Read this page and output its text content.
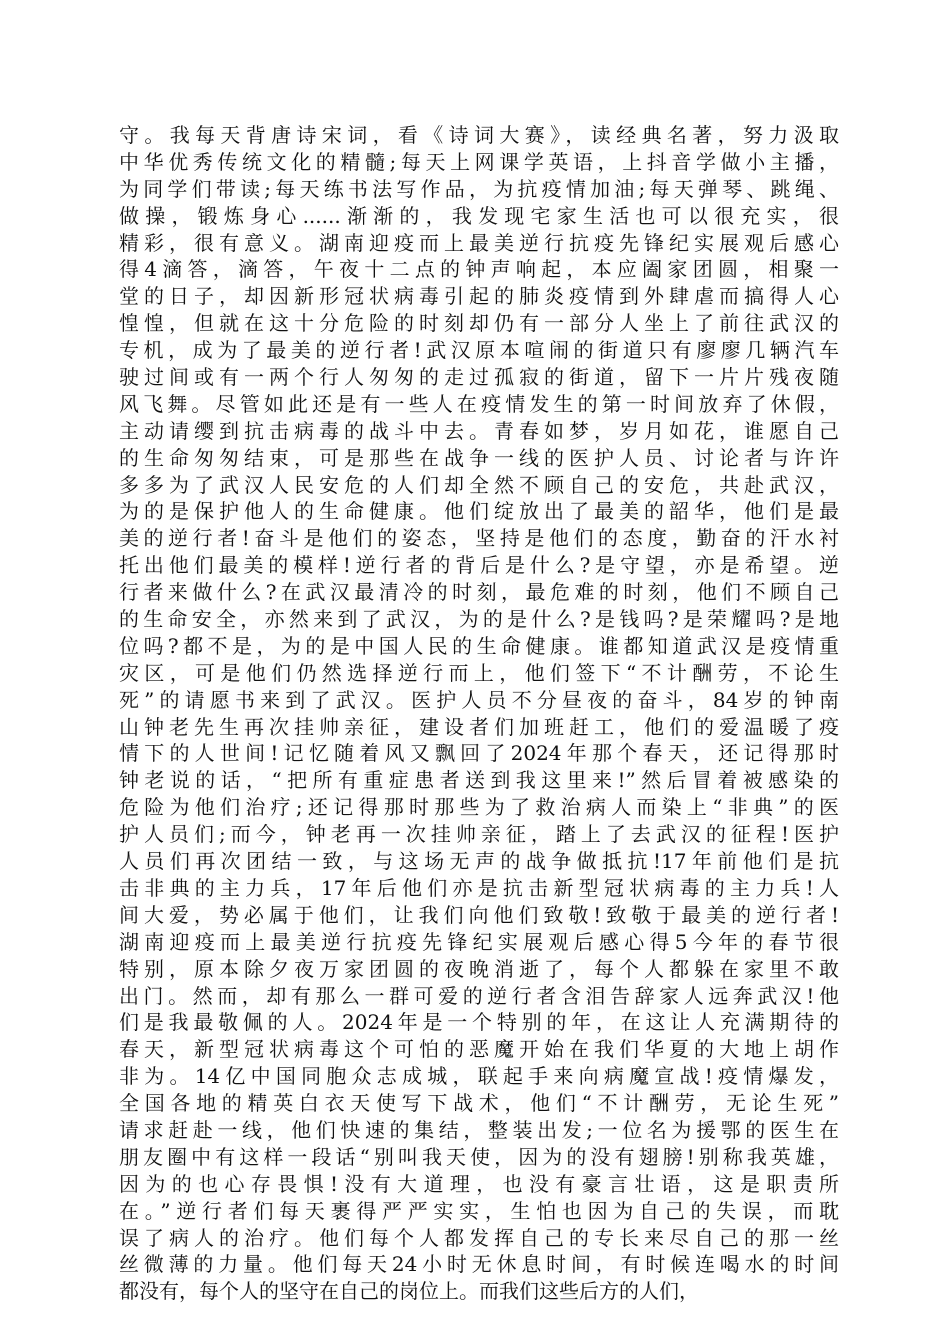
守。我每天背唐诗宋词，看《诗词大赛》，读经典名著，努力汲取
中华优秀传统文化的精髓;每天上网课学英语，上抖音学做小主播，
为同学们带读;每天练书法写作品，为抗疫情加油;每天弹琴、跳绳、
做操，锻炼身心......渐渐的，我发现宅家生活也可以很充实，很
精彩，很有意义。湖南迎疫而上最美逆行抗疫先锋纪实展观后感心
得4滴答，滴答，午夜十二点的钟声响起，本应阖家团圆，相聚一
堂的日子，却因新形冠状病毒引起的肺炎疫情到外肆虐而搞得人心
惶惶，但就在这十分危险的时刻却仍有一部分人坐上了前往武汉的
专机，成为了最美的逆行者!武汉原本喧闹的街道只有廖廖几辆汽车
驶过间或有一两个行人匆匆的走过孤寂的街道，留下一片片残夜随
风飞舞。尽管如此还是有一些人在疫情发生的第一时间放弃了休假，
主动请缨到抗击病毒的战斗中去。青春如梦，岁月如花，谁愿自己
的生命匆匆结束，可是那些在战争一线的医护人员、讨论者与许许
多多为了武汉人民安危的人们却全然不顾自己的安危，共赴武汉，
为的是保护他人的生命健康。他们绽放出了最美的韶华，他们是最
美的逆行者!奋斗是他们的姿态，坚持是他们的态度，勤奋的汗水衬
托出他们最美的模样!逆行者的背后是什么?是守望，亦是希望。逆
行者来做什么?在武汉最清冷的时刻，最危难的时刻，他们不顾自己
的生命安全，亦然来到了武汉，为的是什么?是钱吗?是荣耀吗?是地
位吗?都不是，为的是中国人民的生命健康。谁都知道武汉是疫情重
灾区，可是他们仍然选择逆行而上，他们签下“不计酬劳，不论生
死”的请愿书来到了武汉。医护人员不分昼夜的奋斗，84岁的钟南
山钟老先生再次挂帅亲征，建设者们加班赶工，他们的爱温暖了疫
情下的人世间!记忆随着风又飘回了2024年那个春天，还记得那时
钟老说的话，“把所有重症患者送到我这里来!”然后冒着被感染的
危险为他们治疗;还记得那时那些为了救治病人而染上“非典”的医
护人员们;而今，钟老再一次挂帅亲征，踏上了去武汉的征程!医护
人员们再次团结一致，与这场无声的战争做抵抗!17年前他们是抗
击非典的主力兵，17年后他们亦是抗击新型冠状病毒的主力兵!人
间大爱，势必属于他们，让我们向他们致敬!致敬于最美的逆行者!
湖南迎疫而上最美逆行抗疫先锋纪实展观后感心得5今年的春节很
特别，原本除夕夜万家团圆的夜晚消逝了，每个人都躲在家里不敢
出门。然而，却有那么一群可爱的逆行者含泪告辞家人远奔武汉!他
们是我最敬佩的人。2024年是一个特别的年，在这让人充满期待的
春天，新型冠状病毒这个可怕的恶魔开始在我们华夏的大地上胡作
非为。14亿中国同胞众志成城，联起手来向病魔宣战!疫情爆发，
全国各地的精英白衣天使写下战术，他们“不计酬劳，无论生死”
请求赶赴一线，他们快速的集结，整装出发;一位名为援鄂的医生在
朋友圈中有这样一段话“别叫我天使，因为的没有翅膀!别称我英雄，
因为的也心存畏惧!没有大道理，也没有豪言壮语，这是职责所
在。”逆行者们每天裹得严严实实，生怕也因为自己的失误，而耽
误了病人的治疗。他们每个人都发挥自己的专长来尽自己的那一丝
丝微薄的力量。他们每天24小时无休息时间，有时候连喝水的时间
都没有，每个人的坚守在自己的岗位上。而我们这些后方的人们，
